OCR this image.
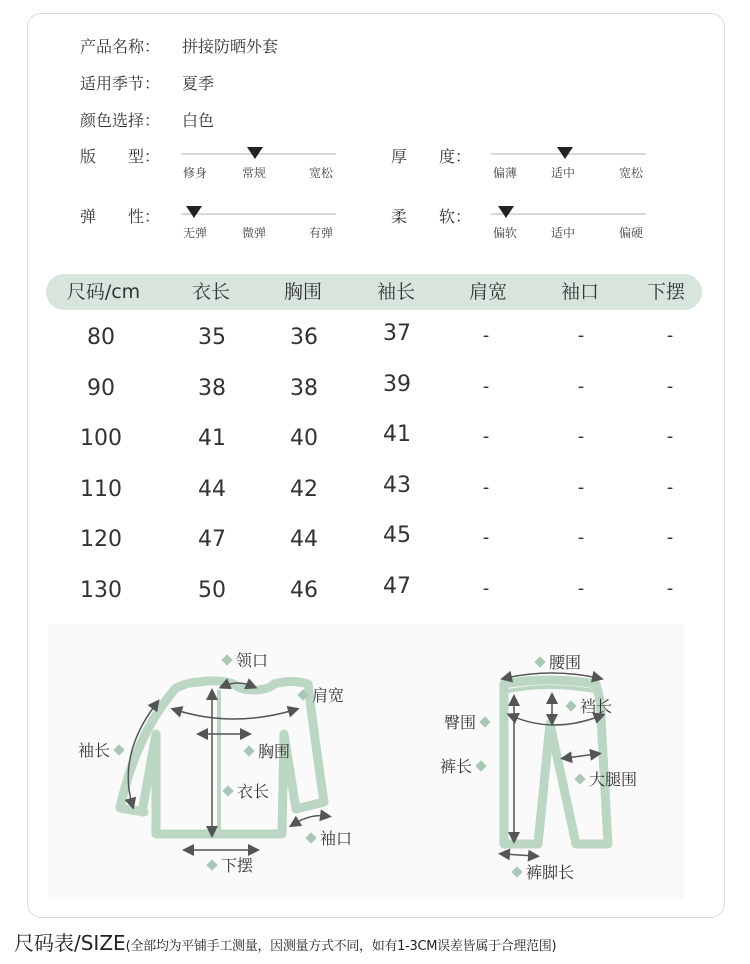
产品名称： 拼接防晒外套
适用季节： 夏季
颜色选择： 白色
版　　型：
修身	常规	宽松
厚　　度：
偏薄	适中	宽松
弹　　性：
无弹	微弹	有弹
柔　　软：
偏软	适中	偏硬
尺码/cm	衣长	胸围	袖长	肩宽	袖口	下摆
80	35	36	37	-	-	-
90	38	38	39	-	-	-
100	41	40	41	-	-	-
110	44	42	43	-	-	-
120	47	44	45	-	-	-
130	50	46	47	-	-	-
领口
肩宽
袖长	胸围
衣长
袖口
下摆
腰围
臀围
裆长
裤长
大腿围
裤脚长
尺码表/SIZE(全部均为平铺手工测量，因测量方式不同，如有1-3CM误差皆属于合理范围)
